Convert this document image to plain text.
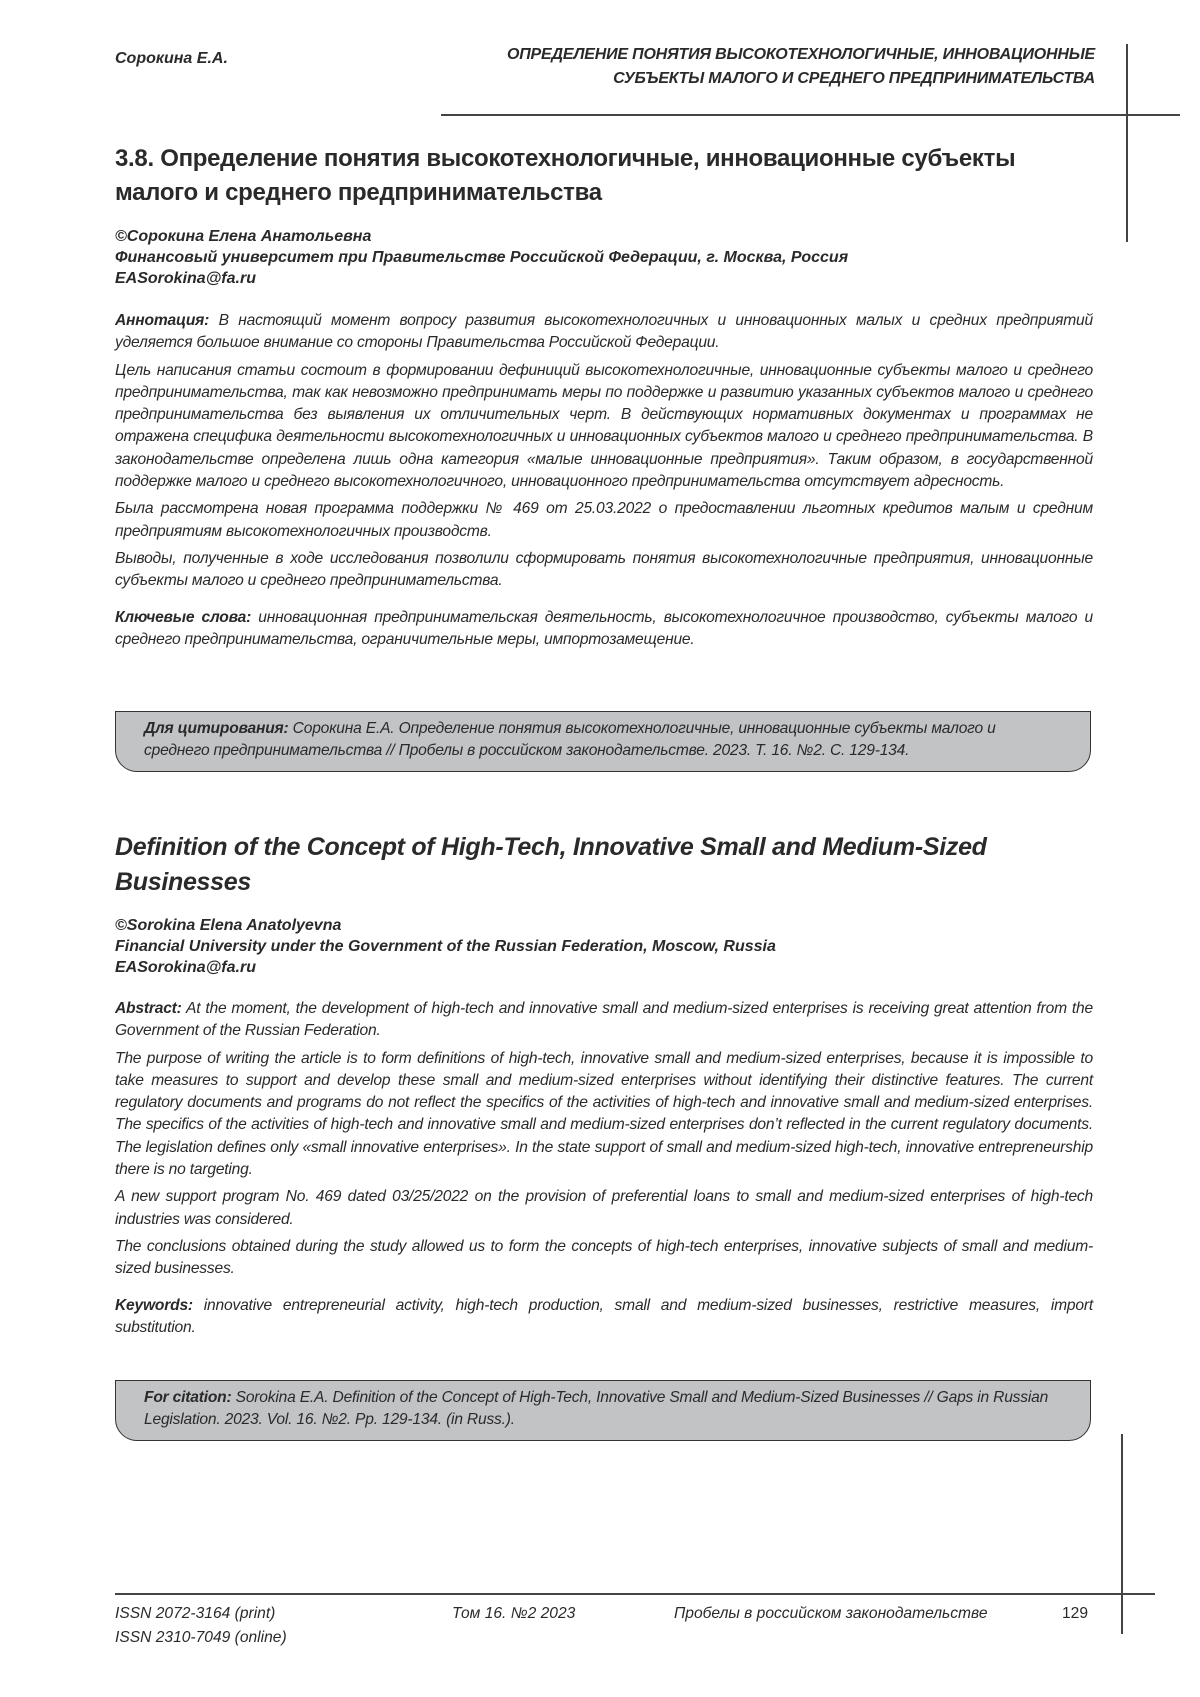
Сорокина Е.А.	ОПРЕДЕЛЕНИЕ ПОНЯТИЯ ВЫСОКОТЕХНОЛОГИЧНЫЕ, ИННОВАЦИОННЫЕ
СУБЪЕКТЫ МАЛОГО И СРЕДНЕГО ПРЕДПРИНИМАТЕЛЬСТВА
3.8. Определение понятия высокотехнологичные, инновационные субъекты малого и среднего предпринимательства
©Сорокина Елена Анатольевна
Финансовый университет при Правительстве Российской Федерации, г. Москва, Россия
EASorokina@fa.ru

Аннотация: В настоящий момент вопросу развития высокотехнологичных и инновационных малых и средних предприятий уделяется большое внимание со стороны Правительства Российской Федерации.

Цель написания статьи состоит в формировании дефиниций высокотехнологичные, инновационные субъекты малого и среднего предпринимательства, так как невозможно предпринимать меры по поддержке и развитию указанных субъектов малого и среднего предпринимательства без выявления их отличительных черт. В действующих нормативных документах и программах не отражена специфика деятельности высокотехнологичных и инновационных субъектов малого и среднего предпринимательства. В законодательстве определена лишь одна категория «малые инновационные предприятия». Таким образом, в государственной поддержке малого и среднего высокотехнологичного, инновационного предпринимательства отсутствует адресность.

Была рассмотрена новая программа поддержки № 469 от 25.03.2022 о предоставлении льготных кредитов малым и средним предприятиям высокотехнологичных производств.

Выводы, полученные в ходе исследования позволили сформировать понятия высокотехнологичные предприятия, инновационные субъекты малого и среднего предпринимательства.

Ключевые слова: инновационная предпринимательская деятельность, высокотехнологичное производство, субъекты малого и среднего предпринимательства, ограничительные меры, импортозамещение.

Для цитирования: Сорокина Е.А. Определение понятия высокотехнологичные, инновационные субъекты малого и среднего предпринимательства // Пробелы в российском законодательстве. 2023. Т. 16. №2. С. 129-134.
Definition of the Concept of High-Tech, Innovative Small and Medium-Sized Businesses
©Sorokina Elena Anatolyevna
Financial University under the Government of the Russian Federation, Moscow, Russia
EASorokina@fa.ru

Abstract: At the moment, the development of high-tech and innovative small and medium-sized enterprises is receiving great attention from the Government of the Russian Federation.

The purpose of writing the article is to form definitions of high-tech, innovative small and medium-sized enterprises, because it is impossible to take measures to support and develop these small and medium-sized enterprises without identifying their distinctive features. The current regulatory documents and programs do not reflect the specifics of the activities of high-tech and innovative small and medium-sized enterprises. The specifics of the activities of high-tech and innovative small and medium-sized enterprises don’t reflected in the current regulatory documents. The legislation defines only «small innovative enterprises». In the state support of small and medium-sized high-tech, innovative entrepreneurship there is no targeting.

A new support program No. 469 dated 03/25/2022 on the provision of preferential loans to small and medium-sized enterprises of high-tech industries was considered.

The conclusions obtained during the study allowed us to form the concepts of high-tech enterprises, innovative subjects of small and medium-sized businesses.

Keywords: innovative entrepreneurial activity, high-tech production, small and medium-sized businesses, restrictive measures, import substitution.

For citation: Sorokina E.A. Definition of the Concept of High-Tech, Innovative Small and Medium-Sized Businesses // Gaps in Russian Legislation. 2023. Vol. 16. №2. Pp. 129-134. (in Russ.).
ISSN 2072-3164 (print)
ISSN 2310-7049 (online)
Том 16. №2 2023	Пробелы в российском законодательстве	129
